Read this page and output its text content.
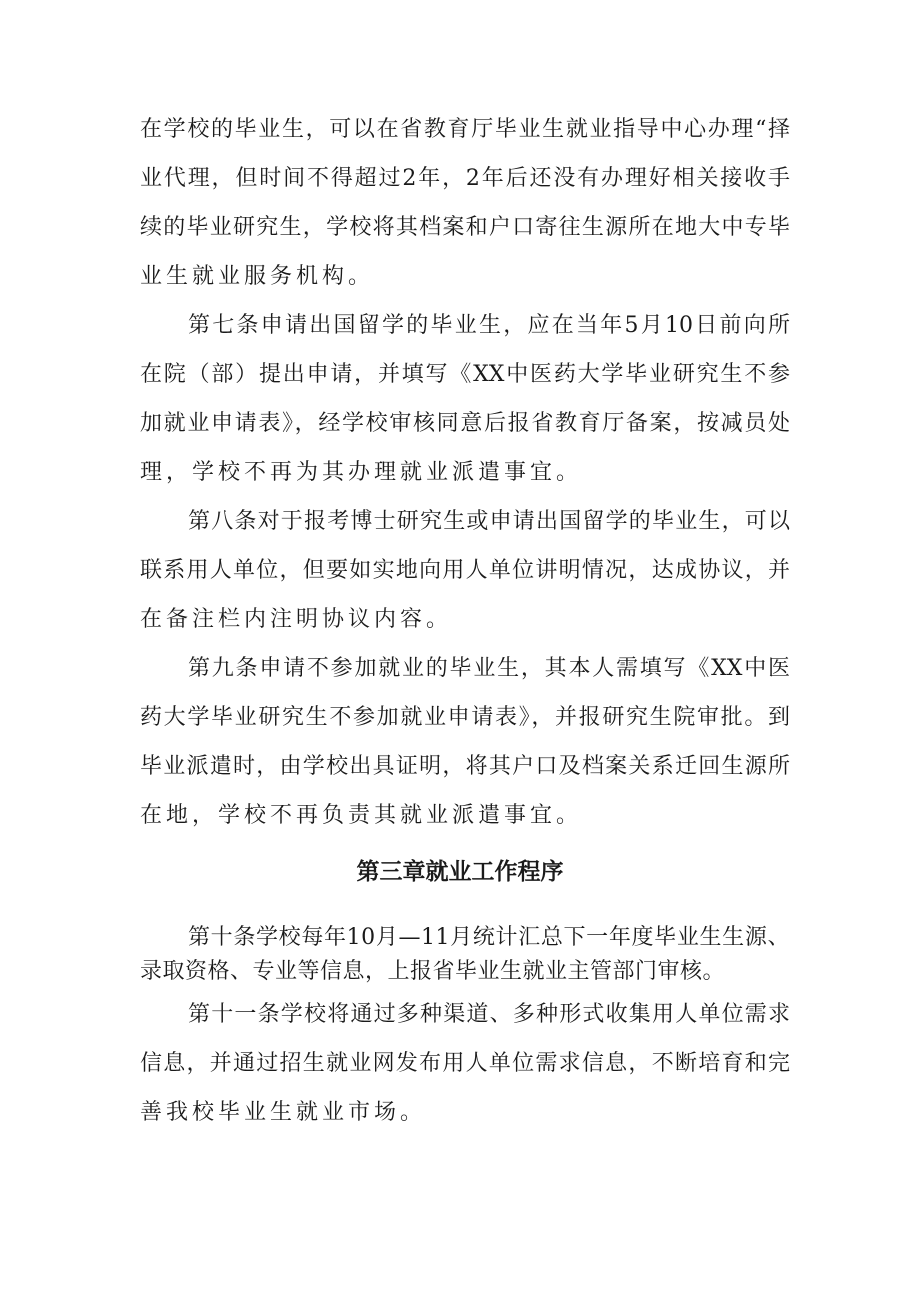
在学校的毕业生，可以在省教育厅毕业生就业指导中心办理“择
业代理，但时间不得超过2年，2年后还没有办理好相关接收手
续的毕业研究生，学校将其档案和户口寄往生源所在地大中专毕
业生就业服务机构。
第七条申请出国留学的毕业生，应在当年5月10日前向所
在院（部）提出申请，并填写《XX中医药大学毕业研究生不参
加就业申请表》，经学校审核同意后报省教育厅备案，按减员处
理，学校不再为其办理就业派遣事宜。
第八条对于报考博士研究生或申请出国留学的毕业生，可以
联系用人单位，但要如实地向用人单位讲明情况，达成协议，并
在备注栏内注明协议内容。
第九条申请不参加就业的毕业生，其本人需填写《XX中医
药大学毕业研究生不参加就业申请表》，并报研究生院审批。到
毕业派遣时，由学校出具证明，将其户口及档案关系迁回生源所
在地，学校不再负责其就业派遣事宜。
第三章就业工作程序
第十条学校每年10月—11月统计汇总下一年度毕业生生源、
录取资格、专业等信息，上报省毕业生就业主管部门审核。
第十一条学校将通过多种渠道、多种形式收集用人单位需求
信息，并通过招生就业网发布用人单位需求信息，不断培育和完
善我校毕业生就业市场。
